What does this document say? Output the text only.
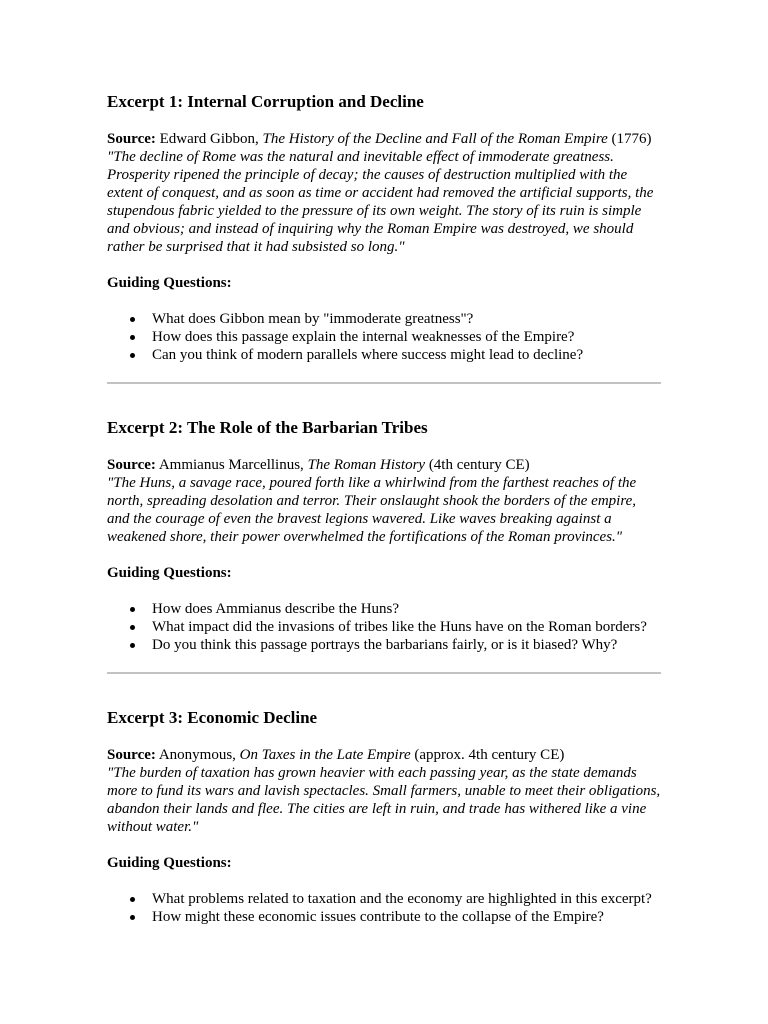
Excerpt 1: Internal Corruption and Decline

Source: Edward Gibbon, The History of the Decline and Fall of the Roman Empire (1776)

"The decline of Rome was the natural and inevitable effect of immoderate greatness. Prosperity ripened the principle of decay; the causes of destruction multiplied with the extent of conquest, and as soon as time or accident had removed the artificial supports, the stupendous fabric yielded to the pressure of its own weight. The story of its ruin is simple and obvious; and instead of inquiring why the Roman Empire was destroyed, we should rather be surprised that it had subsisted so long."

Guiding Questions:

What does Gibbon mean by "immoderate greatness"?
How does this passage explain the internal weaknesses of the Empire?
Can you think of modern parallels where success might lead to decline?
Excerpt 2: The Role of the Barbarian Tribes

Source: Ammianus Marcellinus, The Roman History (4th century CE)

"The Huns, a savage race, poured forth like a whirlwind from the farthest reaches of the north, spreading desolation and terror. Their onslaught shook the borders of the empire, and the courage of even the bravest legions wavered. Like waves breaking against a weakened shore, their power overwhelmed the fortifications of the Roman provinces."

Guiding Questions:

How does Ammianus describe the Huns?
What impact did the invasions of tribes like the Huns have on the Roman borders?
Do you think this passage portrays the barbarians fairly, or is it biased? Why?
Excerpt 3: Economic Decline

Source: Anonymous, On Taxes in the Late Empire (approx. 4th century CE)

"The burden of taxation has grown heavier with each passing year, as the state demands more to fund its wars and lavish spectacles. Small farmers, unable to meet their obligations, abandon their lands and flee. The cities are left in ruin, and trade has withered like a vine without water."

Guiding Questions:

What problems related to taxation and the economy are highlighted in this excerpt?
How might these economic issues contribute to the collapse of the Empire?
